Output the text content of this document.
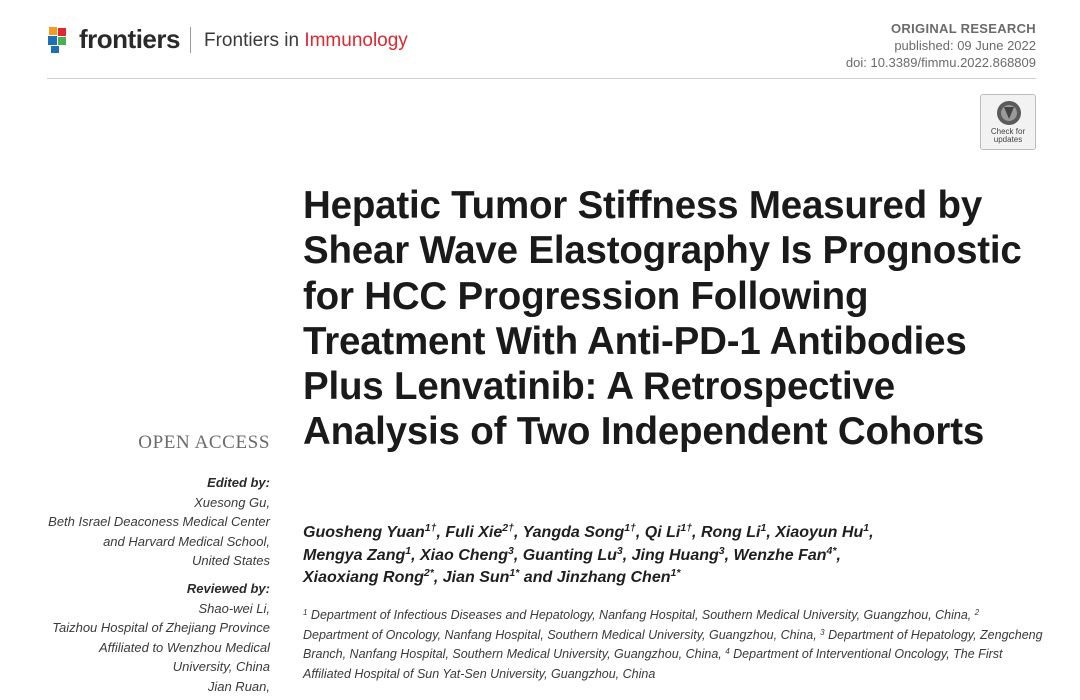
frontiers Frontiers in Immunology
ORIGINAL RESEARCH
published: 09 June 2022
doi: 10.3389/fimmu.2022.868809
Check for
updates
Hepatic Tumor Stiffness Measured by Shear Wave Elastography Is Prognostic for HCC Progression Following Treatment With Anti-PD-1 Antibodies Plus Lenvatinib: A Retrospective Analysis of Two Independent Cohorts
OPEN ACCESS
Edited by:
Xuesong Gu,
Beth Israel Deaconess Medical Center
and Harvard Medical School,
United States
Reviewed by:
Shao-wei Li,
Taizhou Hospital of Zhejiang Province
Affiliated to Wenzhou Medical
University, China
Jian Ruan,
Guosheng Yuan$^{1\dagger}$, Fuli Xie$^{2\dagger}$, Yangda Song$^{1\dagger}$, Qi $Li^{1\dagger}$, Rong Li$^1$, Xiaoyun Hu$^1$,
Mengya Zang$^1$, Xiao Cheng$^3$, Guanting Lu$^3$, Jing Huang$^3$, Wenzhe Fan$^{4*}$,
Xiaoxiang Rong$^{2*}$, Jian Sun$^{1*}$ and Jinzhang Chen$^{1*}$
$^1$ Department of Infectious Diseases and Hepatology, Nanfang Hospital, Southern Medical University, Guangzhou, China, $^2$ Department of Oncology, Nanfang Hospital, Southern Medical University, Guangzhou, China, $^3$ Department of Hepatology, Zengcheng Branch, Nanfang Hospital, Southern Medical University, Guangzhou, China, $^4$ Department of Interventional Oncology, The First Affiliated Hospital of Sun Yat-Sen University, Guangzhou, China
